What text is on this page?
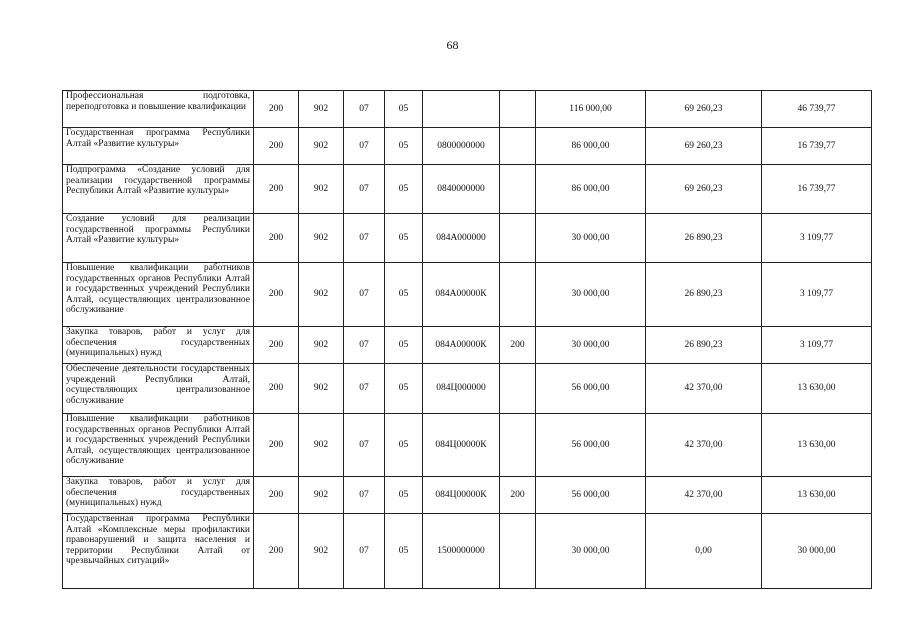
68
Профессиональная подготовка, переподготовка и повышение квалификации	200	902	07	05			116 000,00	69 260,23	46 739,77
Государственная программа Республики Алтай «Развитие культуры»	200	902	07	05	0800000000		86 000,00	69 260,23	16 739,77
Подпрограмма «Создание условий для реализации государственной программы Республики Алтай «Развитие культуры»	200	902	07	05	0840000000		86 000,00	69 260,23	16 739,77
Создание условий для реализации государственной программы Республики Алтай «Развитие культуры»	200	902	07	05	084А000000		30 000,00	26 890,23	3 109,77
Повышение квалификации работников государственных органов Республики Алтай и государственных учреждений Республики Алтай, осуществляющих централизованное обслуживание	200	902	07	05	084А00000К		30 000,00	26 890,23	3 109,77
Закупка товаров, работ и услуг для обеспечения государственных (муниципальных) нужд	200	902	07	05	084А00000К	200	30 000,00	26 890,23	3 109,77
Обеспечение деятельности государственных учреждений Республики Алтай, осуществляющих централизованное обслуживание	200	902	07	05	084Ц000000		56 000,00	42 370,00	13 630,00
Повышение квалификации работников государственных органов Республики Алтай и государственных учреждений Республики Алтай, осуществляющих централизованное обслуживание	200	902	07	05	084Ц00000К		56 000,00	42 370,00	13 630,00
Закупка товаров, работ и услуг для обеспечения государственных (муниципальных) нужд	200	902	07	05	084Ц00000К	200	56 000,00	42 370,00	13 630,00
Государственная программа Республики Алтай «Комплексные меры профилактики правонарушений и защита населения и территории Республики Алтай от чрезвычайных ситуаций»	200	902	07	05	1500000000		30 000,00	0,00	30 000,00
